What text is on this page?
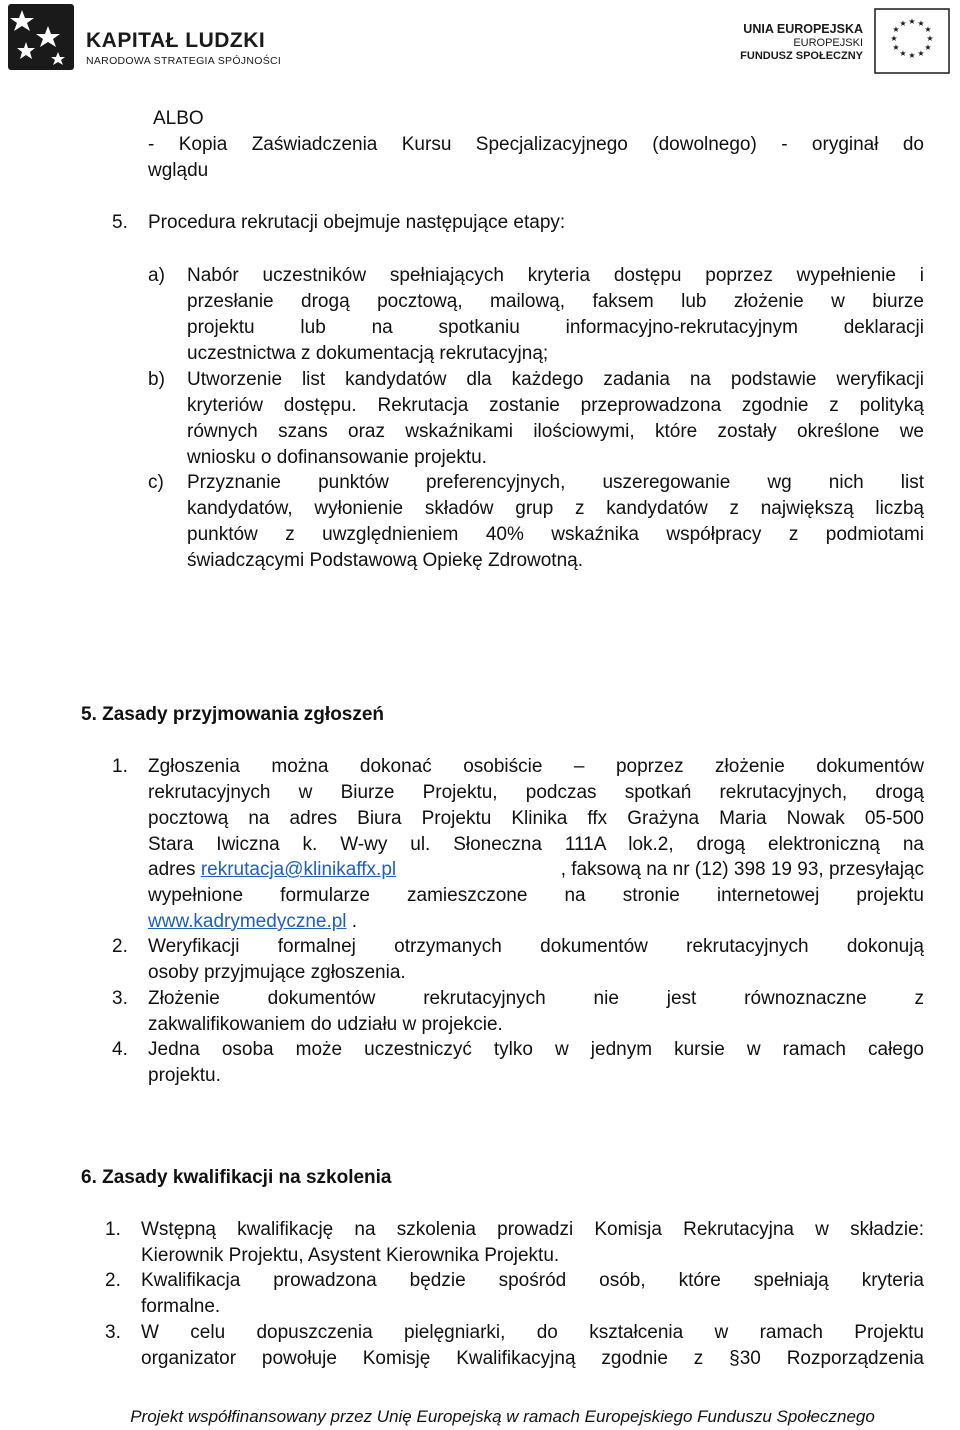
KAPITAŁ LUDZKI
NARODOWA STRATEGIA SPÓJNOŚCI
UNIA EUROPEJSKA
EUROPEJSKI
FUNDUSZ SPOŁECZNY
★ ★
★
★
★
★
★
★
★
★
★
★
ALBO
- Kopia Zaświadczenia Kursu Specjalizacyjnego (dowolnego) - oryginał do
wglądu
5. Procedura rekrutacji obejmuje następujące etapy:
a) Nabór uczestników spełniających kryteria dostępu poprzez wypełnienie i
przesłanie drogą pocztową, mailową, faksem lub złożenie w biurze
projektu lub na spotkaniu informacyjno-rekrutacyjnym deklaracji
uczestnictwa z dokumentacją rekrutacyjną;
b) Utworzenie list kandydatów dla każdego zadania na podstawie weryfikacji
kryteriów dostępu. Rekrutacja zostanie przeprowadzona zgodnie z polityką
równych szans oraz wskaźnikami ilościowymi, które zostały określone we
wniosku o dofinansowanie projektu.
c) Przyznanie punktów preferencyjnych, uszeregowanie wg nich list
kandydatów, wyłonienie składów grup z kandydatów z największą liczbą
punktów z uwzględnieniem 40% wskaźnika współpracy z podmiotami
świadczącymi Podstawową Opiekę Zdrowotną.
5. Zasady przyjmowania zgłoszeń
1. Zgłoszenia można dokonać osobiście – poprzez złożenie dokumentów
rekrutacyjnych w Biurze Projektu, podczas spotkań rekrutacyjnych, drogą
pocztową na adres Biura Projektu Klinika ffx Grażyna Maria Nowak 05-500
Stara Iwiczna k. W-wy ul. Słoneczna 111A lok.2, drogą elektroniczną na
adres rekrutacja@klinikaffx.pl	, faksową na nr (12) 398 19 93, przesyłając
wypełnione formularze zamieszczone na stronie internetowej projektu
www.kadrymedyczne.pl .
2. Weryfikacji formalnej otrzymanych dokumentów rekrutacyjnych dokonują
osoby przyjmujące zgłoszenia.
3. Złożenie dokumentów rekrutacyjnych nie jest równoznaczne z
zakwalifikowaniem do udziału w projekcie.
4. Jedna osoba może uczestniczyć tylko w jednym kursie w ramach całego
projektu.
6. Zasady kwalifikacji na szkolenia
1. Wstępną kwalifikację na szkolenia prowadzi Komisja Rekrutacyjna w składzie:
Kierownik Projektu, Asystent Kierownika Projektu.
2. Kwalifikacja prowadzona będzie spośród osób, które spełniają kryteria
formalne.
3. W celu dopuszczenia pielęgniarki, do kształcenia w ramach Projektu
organizator powołuje Komisję Kwalifikacyjną zgodnie z §30 Rozporządzenia
Projekt współfinansowany przez Unię Europejską w ramach Europejskiego Funduszu Społecznego
